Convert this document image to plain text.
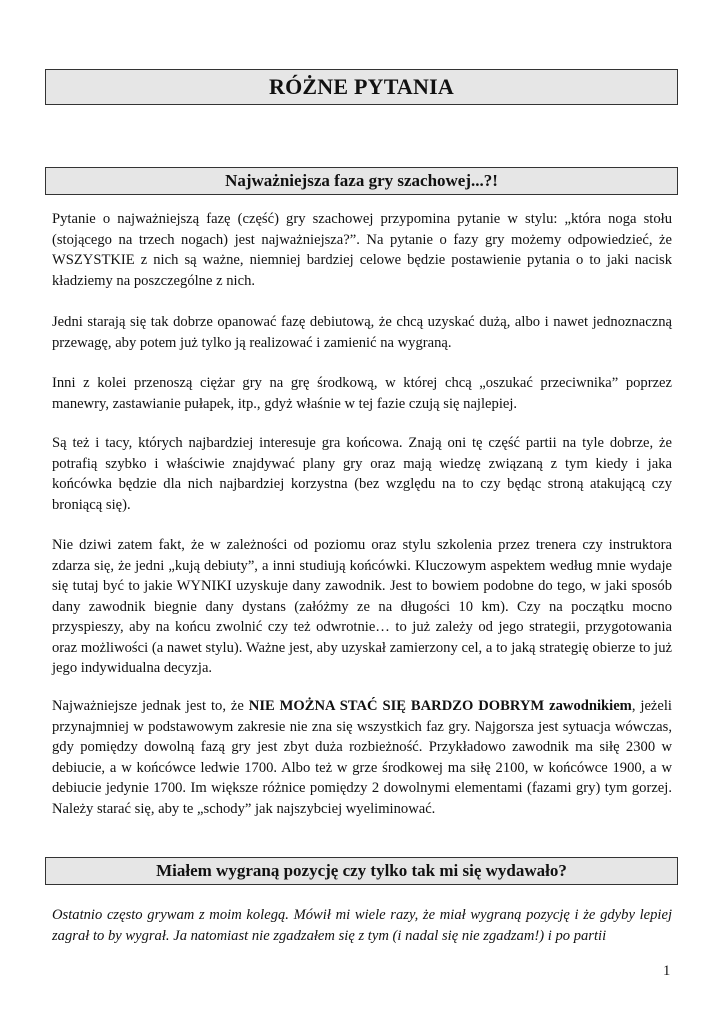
RÓŻNE PYTANIA
Najważniejsza faza gry szachowej...?!

Pytanie o najważniejszą fazę (część) gry szachowej przypomina pytanie w stylu: „która noga stołu (stojącego na trzech nogach) jest najważniejsza?”. Na pytanie o fazy gry możemy odpowiedzieć, że WSZYSTKIE z nich są ważne, niemniej bardziej celowe będzie postawienie pytania o to jaki nacisk kładziemy na poszczególne z nich.

Jedni starają się tak dobrze opanować fazę debiutową, że chcą uzyskać dużą, albo i nawet jednoznaczną przewagę, aby potem już tylko ją realizować i zamienić na wygraną.

Inni z kolei przenoszą ciężar gry na grę środkową, w której chcą „oszukać przeciwnika” poprzez manewry, zastawianie pułapek, itp., gdyż właśnie w tej fazie czują się najlepiej.

Są też i tacy, których najbardziej interesuje gra końcowa. Znają oni tę część partii na tyle dobrze, że potrafią szybko i właściwie znajdywać plany gry oraz mają wiedzę związaną z tym kiedy i jaka końcówka będzie dla nich najbardziej korzystna (bez względu na to czy będąc stroną atakującą czy broniącą się).

Nie dziwi zatem fakt, że w zależności od poziomu oraz stylu szkolenia przez trenera czy instruktora zdarza się, że jedni „kują debiuty”, a inni studiują końcówki. Kluczowym aspektem według mnie wydaje się tutaj być to jakie WYNIKI uzyskuje dany zawodnik. Jest to bowiem podobne do tego, w jaki sposób dany zawodnik biegnie dany dystans (załóżmy ze na długości 10 km). Czy na początku mocno przyspieszy, aby na końcu zwolnić czy też odwrotnie… to już zależy od jego strategii, przygotowania oraz możliwości (a nawet stylu). Ważne jest, aby uzyskał zamierzony cel, a to jaką strategię obierze to już jego indywidualna decyzja.

Najważniejsze jednak jest to, że NIE MOŻNA STAĆ SIĘ BARDZO DOBRYM zawodnikiem, jeżeli przynajmniej w podstawowym zakresie nie zna się wszystkich faz gry. Najgorsza jest sytuacja wówczas, gdy pomiędzy dowolną fazą gry jest zbyt duża rozbieżność. Przykładowo zawodnik ma siłę 2300 w debiucie, a w końcówce ledwie 1700. Albo też w grze środkowej ma siłę 2100, w końcówce 1900, a w debiucie jedynie 1700. Im większe różnice pomiędzy 2 dowolnymi elementami (fazami gry) tym gorzej. Należy starać się, aby te „schody” jak najszybciej wyeliminować.

Miałem wygraną pozycję czy tylko tak mi się wydawało?

Ostatnio często grywam z moim kolegą. Mówił mi wiele razy, że miał wygraną pozycję i że gdyby lepiej zagrał to by wygrał. Ja natomiast nie zgadzałem się z tym (i nadal się nie zgadzam!) i po partii

1
